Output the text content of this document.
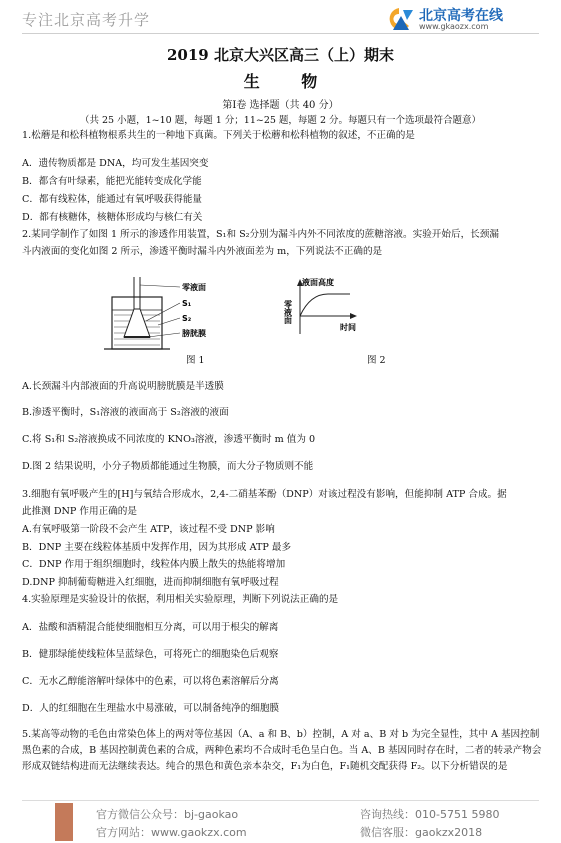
专注北京高考升学	北京高考在线
www.gkaozx.com
2019 北京大兴区高三（上）期末
生 物
第Ⅰ卷 选择题（共 40 分）
（共 25 小题，1~10 题，每题 1 分；11~25 题，每题 2 分。每题只有一个选项最符合题意）
1.松蘑是和松科植物根系共生的一种地下真菌。下列关于松蘑和松科植物的叙述，不正确的是
A．遗传物质都是 DNA，均可发生基因突变
B．都含有叶绿素，能把光能转变成化学能
C．都有线粒体，能通过有氧呼吸获得能量
D．都有核糖体，核糖体形成均与核仁有关
2.某同学制作了如图 1 所示的渗透作用装置，S₁和 S₂分别为漏斗内外不同浓度的蔗糖溶液。实验开始后，长颈漏
斗内液面的变化如图 2 所示，渗透平衡时漏斗内外液面差为 m，下列说法不正确的是
零液面
S₁
S₂
膀胱膜
图 1
液面高度
时间
零液面
图 2
A.长颈漏斗内部液面的升高说明膀胱膜是半透膜
B.渗透平衡时，S₁溶液的液面高于 S₂溶液的液面
C.将 S₁和 S₂溶液换成不同浓度的 KNO₃溶液，渗透平衡时 m 值为 0
D.图 2 结果说明，小分子物质都能通过生物膜，而大分子物质则不能
3.细胞有氧呼吸产生的[H]与氧结合形成水，2,4-二硝基苯酚（DNP）对该过程没有影响，但能抑制 ATP 合成。据
此推测 DNP 作用正确的是
A.有氧呼吸第一阶段不会产生 ATP，该过程不受 DNP 影响
B．DNP 主要在线粒体基质中发挥作用，因为其形成 ATP 最多
C．DNP 作用于组织细胞时，线粒体内膜上散失的热能将增加
D.DNP 抑制葡萄糖进入红细胞，进而抑制细胞有氧呼吸过程
4.实验原理是实验设计的依据，利用相关实验原理，判断下列说法正确的是
A．盐酸和酒精混合能使细胞相互分离，可以用于根尖的解离
B．健那绿能使线粒体呈蓝绿色，可将死亡的细胞染色后观察
C．无水乙醇能溶解叶绿体中的色素，可以将色素溶解后分离
D．人的红细胞在生理盐水中易涨破，可以制备纯净的细胞膜
5.某高等动物的毛色由常染色体上的两对等位基因（A、a 和 B、b）控制，A 对 a、B 对 b 为完全显性，其中 A 基因控制黑色素的合成，B 基因控制黄色素的合成，两种色素均不合成时毛色呈白色。当 A、B 基因同时存在时，二者的转录产物会形成双链结构进而无法继续表达。纯合的黑色和黄色亲本杂交，F₁为白色，F₁随机交配获得 F₂。以下分析错误的是
官方微信公众号：bj-gaokao
官方网站：www.gaokzx.com
咨询热线：010-5751 5980
微信客服：gaokzx2018
